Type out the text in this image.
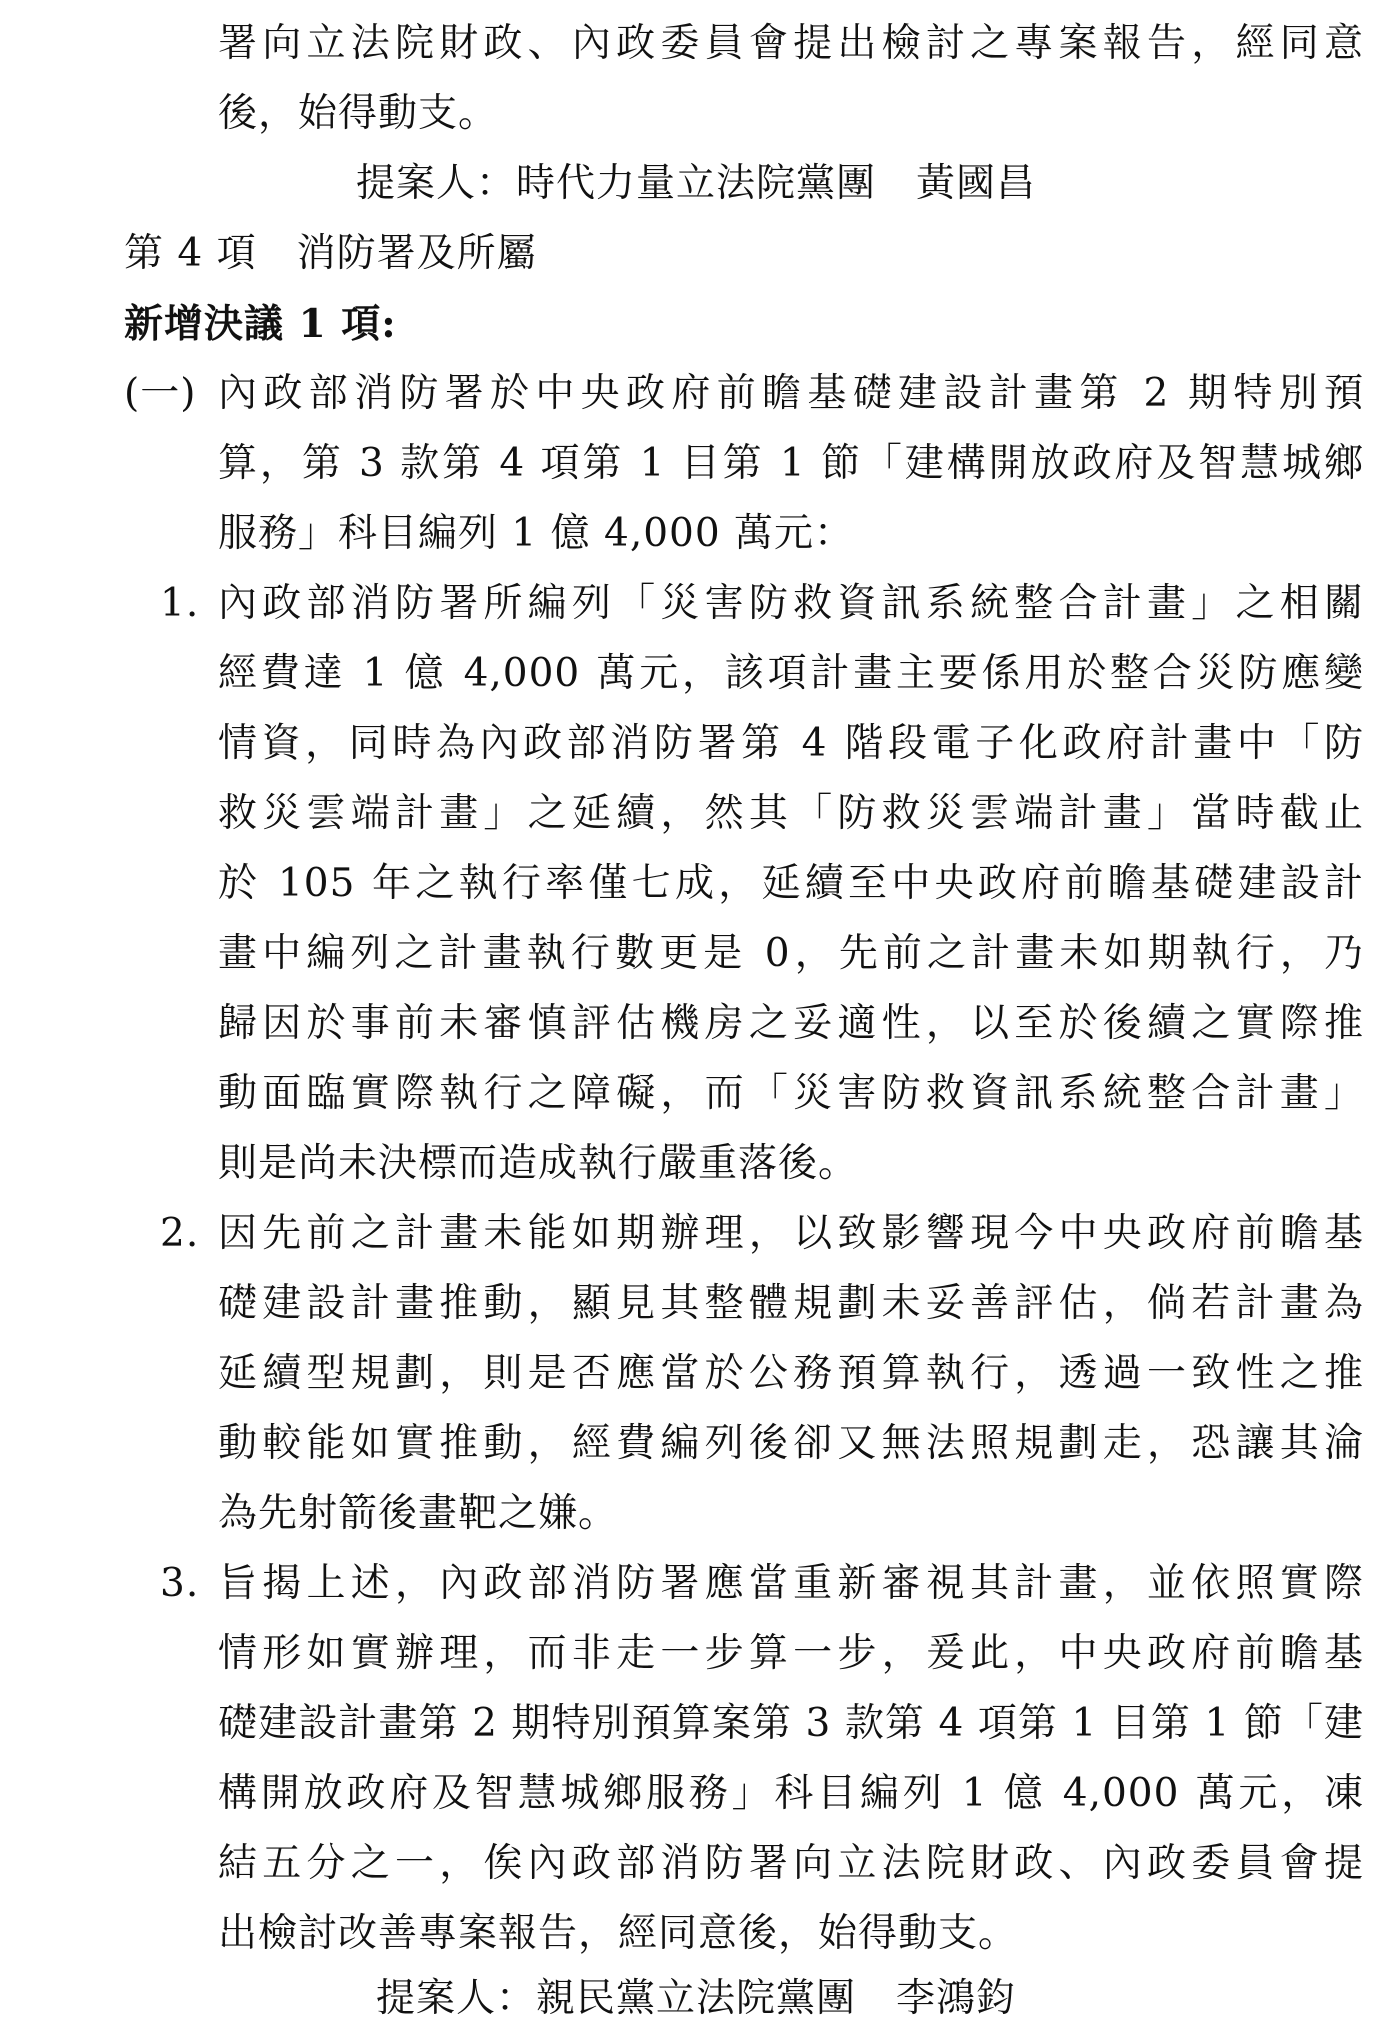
署向立法院財政、內政委員會提出檢討之專案報告，經同意
後，始得動支。
提案人：時代力量立法院黨團　黃國昌
第 4 項　消防署及所屬
新增決議 1 項:
(一) 內政部消防署於中央政府前瞻基礎建設計畫第 2 期特別預
算，第 3 款第 4 項第 1 目第 1 節「建構開放政府及智慧城鄉
服務」科目編列 1 億 4,000 萬元：
1. 內政部消防署所編列「災害防救資訊系統整合計畫」之相關
經費達 1 億 4,000 萬元，該項計畫主要係用於整合災防應變
情資，同時為內政部消防署第 4 階段電子化政府計畫中「防
救災雲端計畫」之延續，然其「防救災雲端計畫」當時截止
於 105 年之執行率僅七成，延續至中央政府前瞻基礎建設計
畫中編列之計畫執行數更是 0，先前之計畫未如期執行，乃
歸因於事前未審慎評估機房之妥適性，以至於後續之實際推
動面臨實際執行之障礙，而「災害防救資訊系統整合計畫」
則是尚未決標而造成執行嚴重落後。
2. 因先前之計畫未能如期辦理，以致影響現今中央政府前瞻基
礎建設計畫推動，顯見其整體規劃未妥善評估，倘若計畫為
延續型規劃，則是否應當於公務預算執行，透過一致性之推
動較能如實推動，經費編列後卻又無法照規劃走，恐讓其淪
為先射箭後畫靶之嫌。
3. 旨揭上述，內政部消防署應當重新審視其計畫，並依照實際
情形如實辦理，而非走一步算一步，爰此，中央政府前瞻基
礎建設計畫第 2 期特別預算案第 3 款第 4 項第 1 目第 1 節「建
構開放政府及智慧城鄉服務」科目編列 1 億 4,000 萬元，凍
結五分之一，俟內政部消防署向立法院財政、內政委員會提
出檢討改善專案報告，經同意後，始得動支。
提案人：親民黨立法院黨團　李鴻鈞
